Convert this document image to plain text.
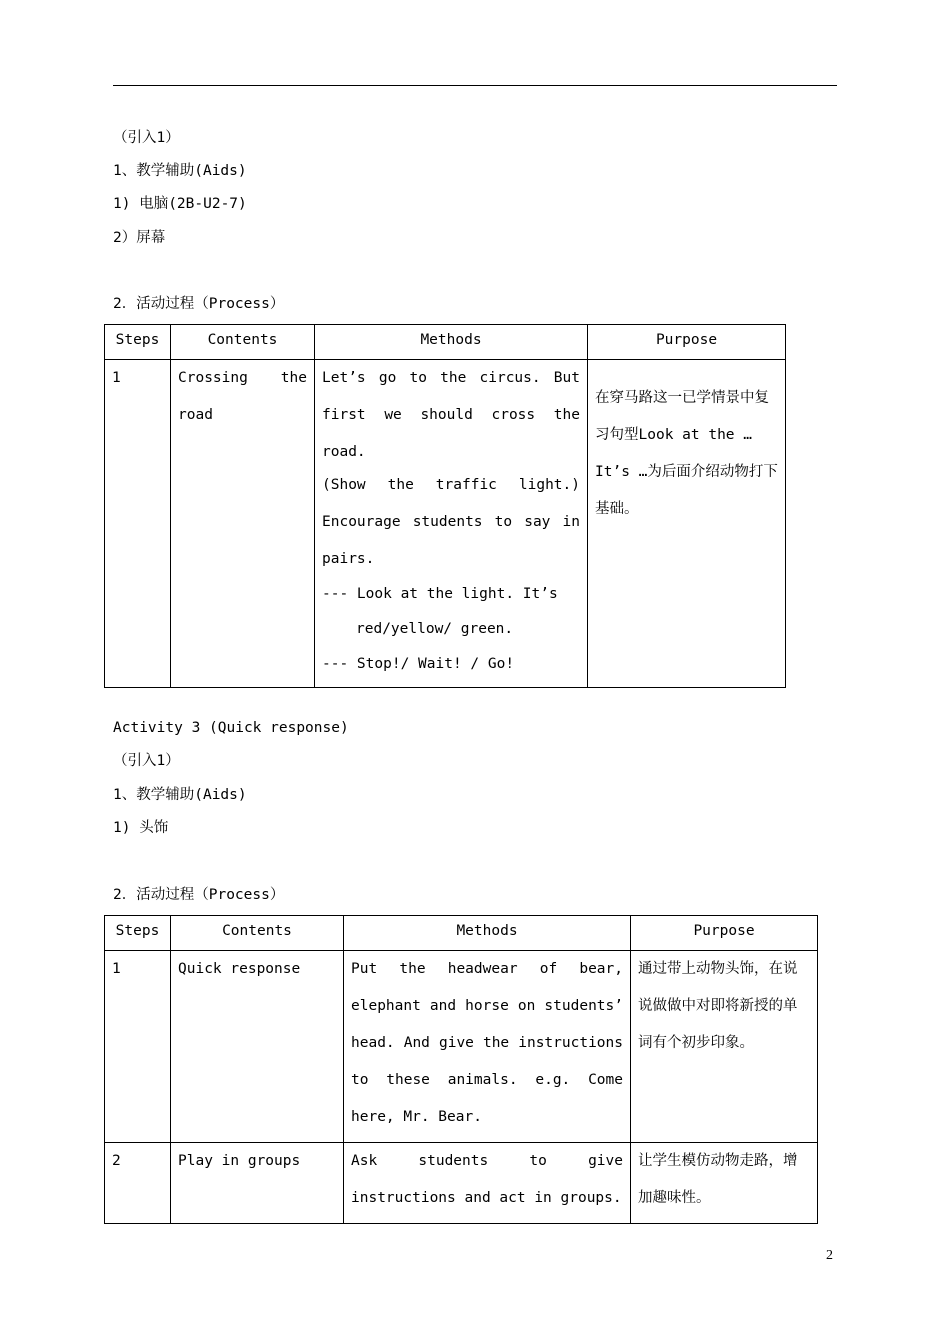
（引入1）
1、教学辅助(Aids)
1) 电脑(2B-U2-7)
2）屏幕
2．活动过程（Process）
Steps	Contents	Methods	Purpose
1	Crossing the road	Let’s go to the circus. But first we should cross the road.
(Show the traffic light.) Encourage students to say in pairs.
--- Look at the light. It’s
red/yellow/ green.
--- Stop!/ Wait! / Go!	在穿马路这一已学情景中复习句型Look at the … It’s …为后面介绍动物打下基础。
Activity 3 (Quick response)
（引入1）
1、教学辅助(Aids)
1) 头饰
2．活动过程（Process）
Steps	Contents	Methods	Purpose
1	Quick response	Put the headwear of bear, elephant and horse on students’ head. And give the instructions to these animals. e.g. Come here, Mr. Bear.	通过带上动物头饰，在说说做做中对即将新授的单词有个初步印象。
2	Play in groups	Ask students to give instructions and act in groups.	让学生模仿动物走路，增加趣味性。
2
